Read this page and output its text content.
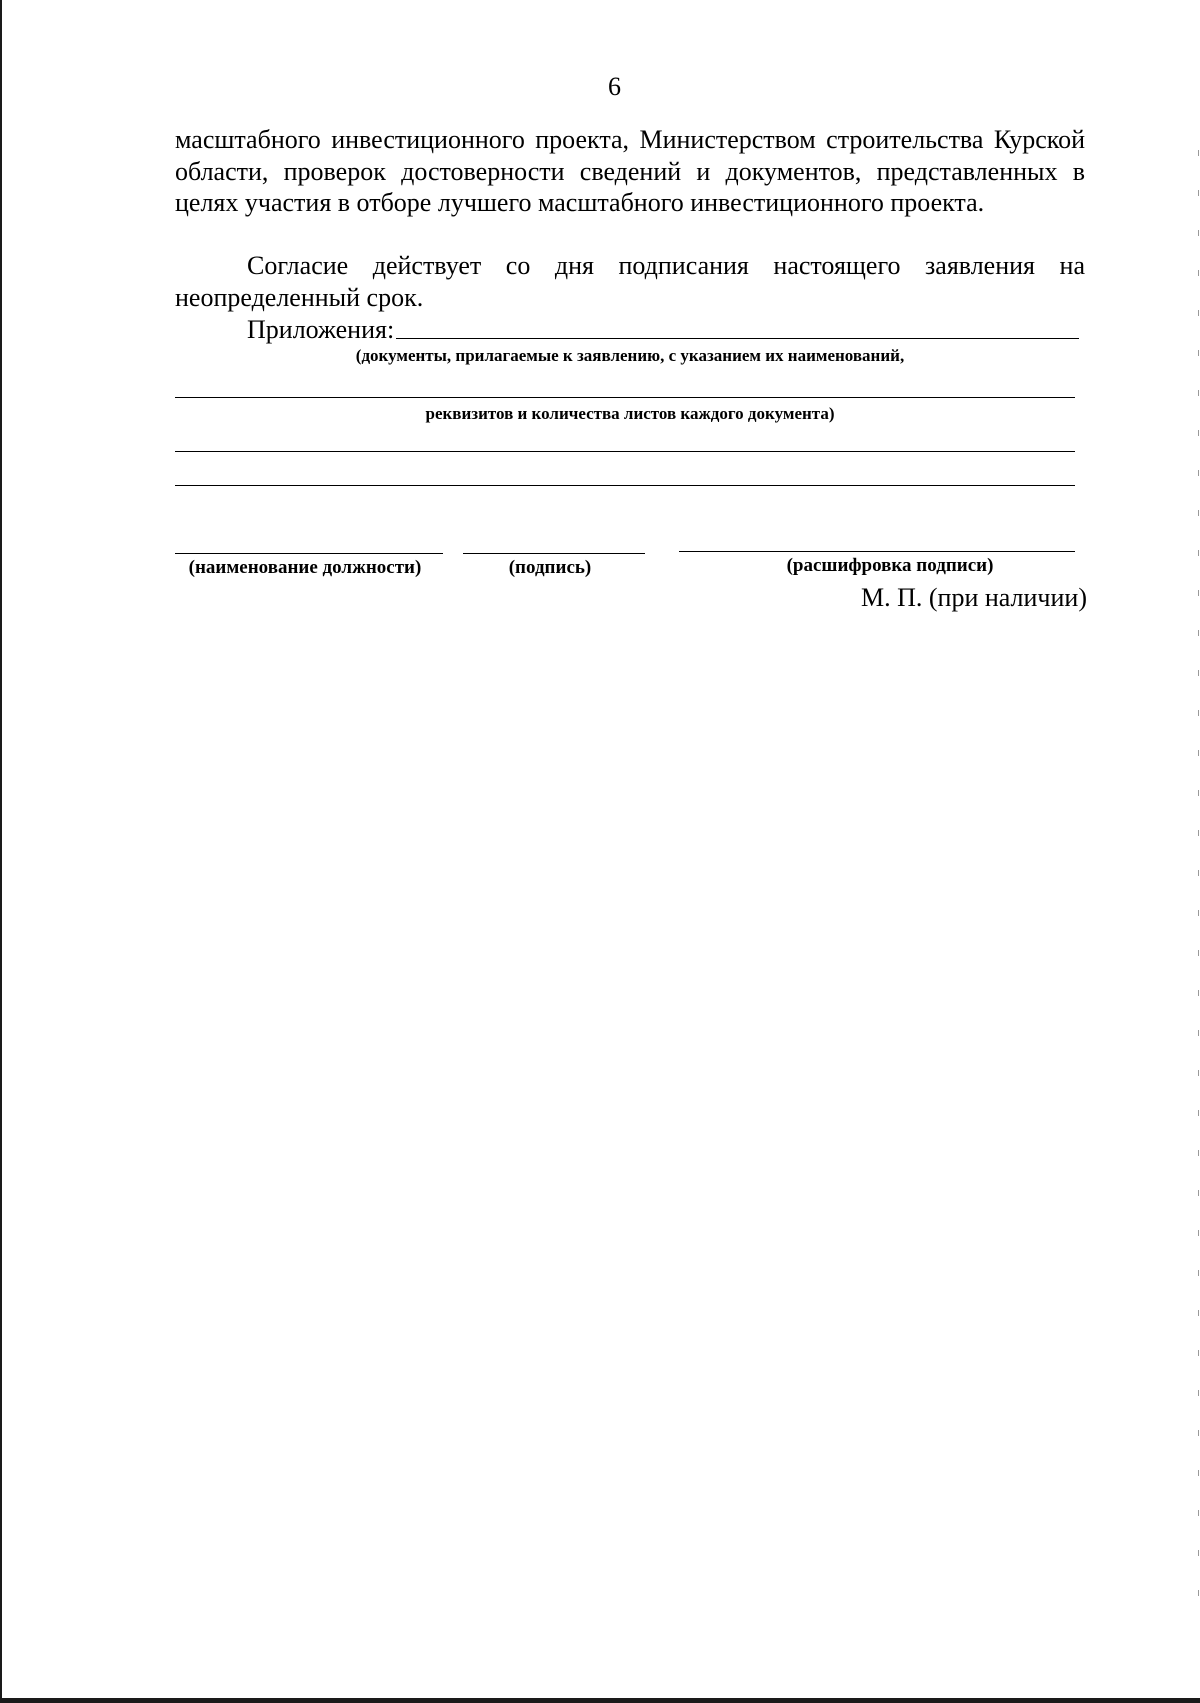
6
масштабного инвестиционного проекта, Министерством строительства Курской области, проверок достоверности сведений и документов, представленных в целях участия в отборе лучшего масштабного инвестиционного проекта.
Согласие действует со дня подписания настоящего заявления на неопределенный срок.
Приложения:
(документы, прилагаемые к заявлению, с указанием их наименований,
реквизитов и количества листов каждого документа)
(наименование должности)	(подпись)	(расшифровка подписи)
М. П. (при наличии)
